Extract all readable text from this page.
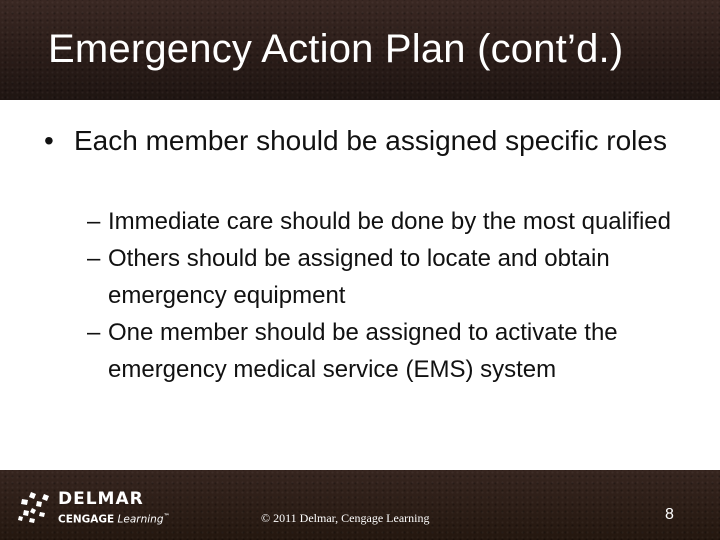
Emergency Action Plan (cont’d.)
• Each member should be assigned specific roles
– Immediate care should be done by the most qualified
– Others should be assigned to locate and obtain emergency equipment
– One member should be assigned to activate the emergency medical service (EMS) system
DELMAR
CENGAGE Learning™	© 2011 Delmar, Cengage Learning	8
